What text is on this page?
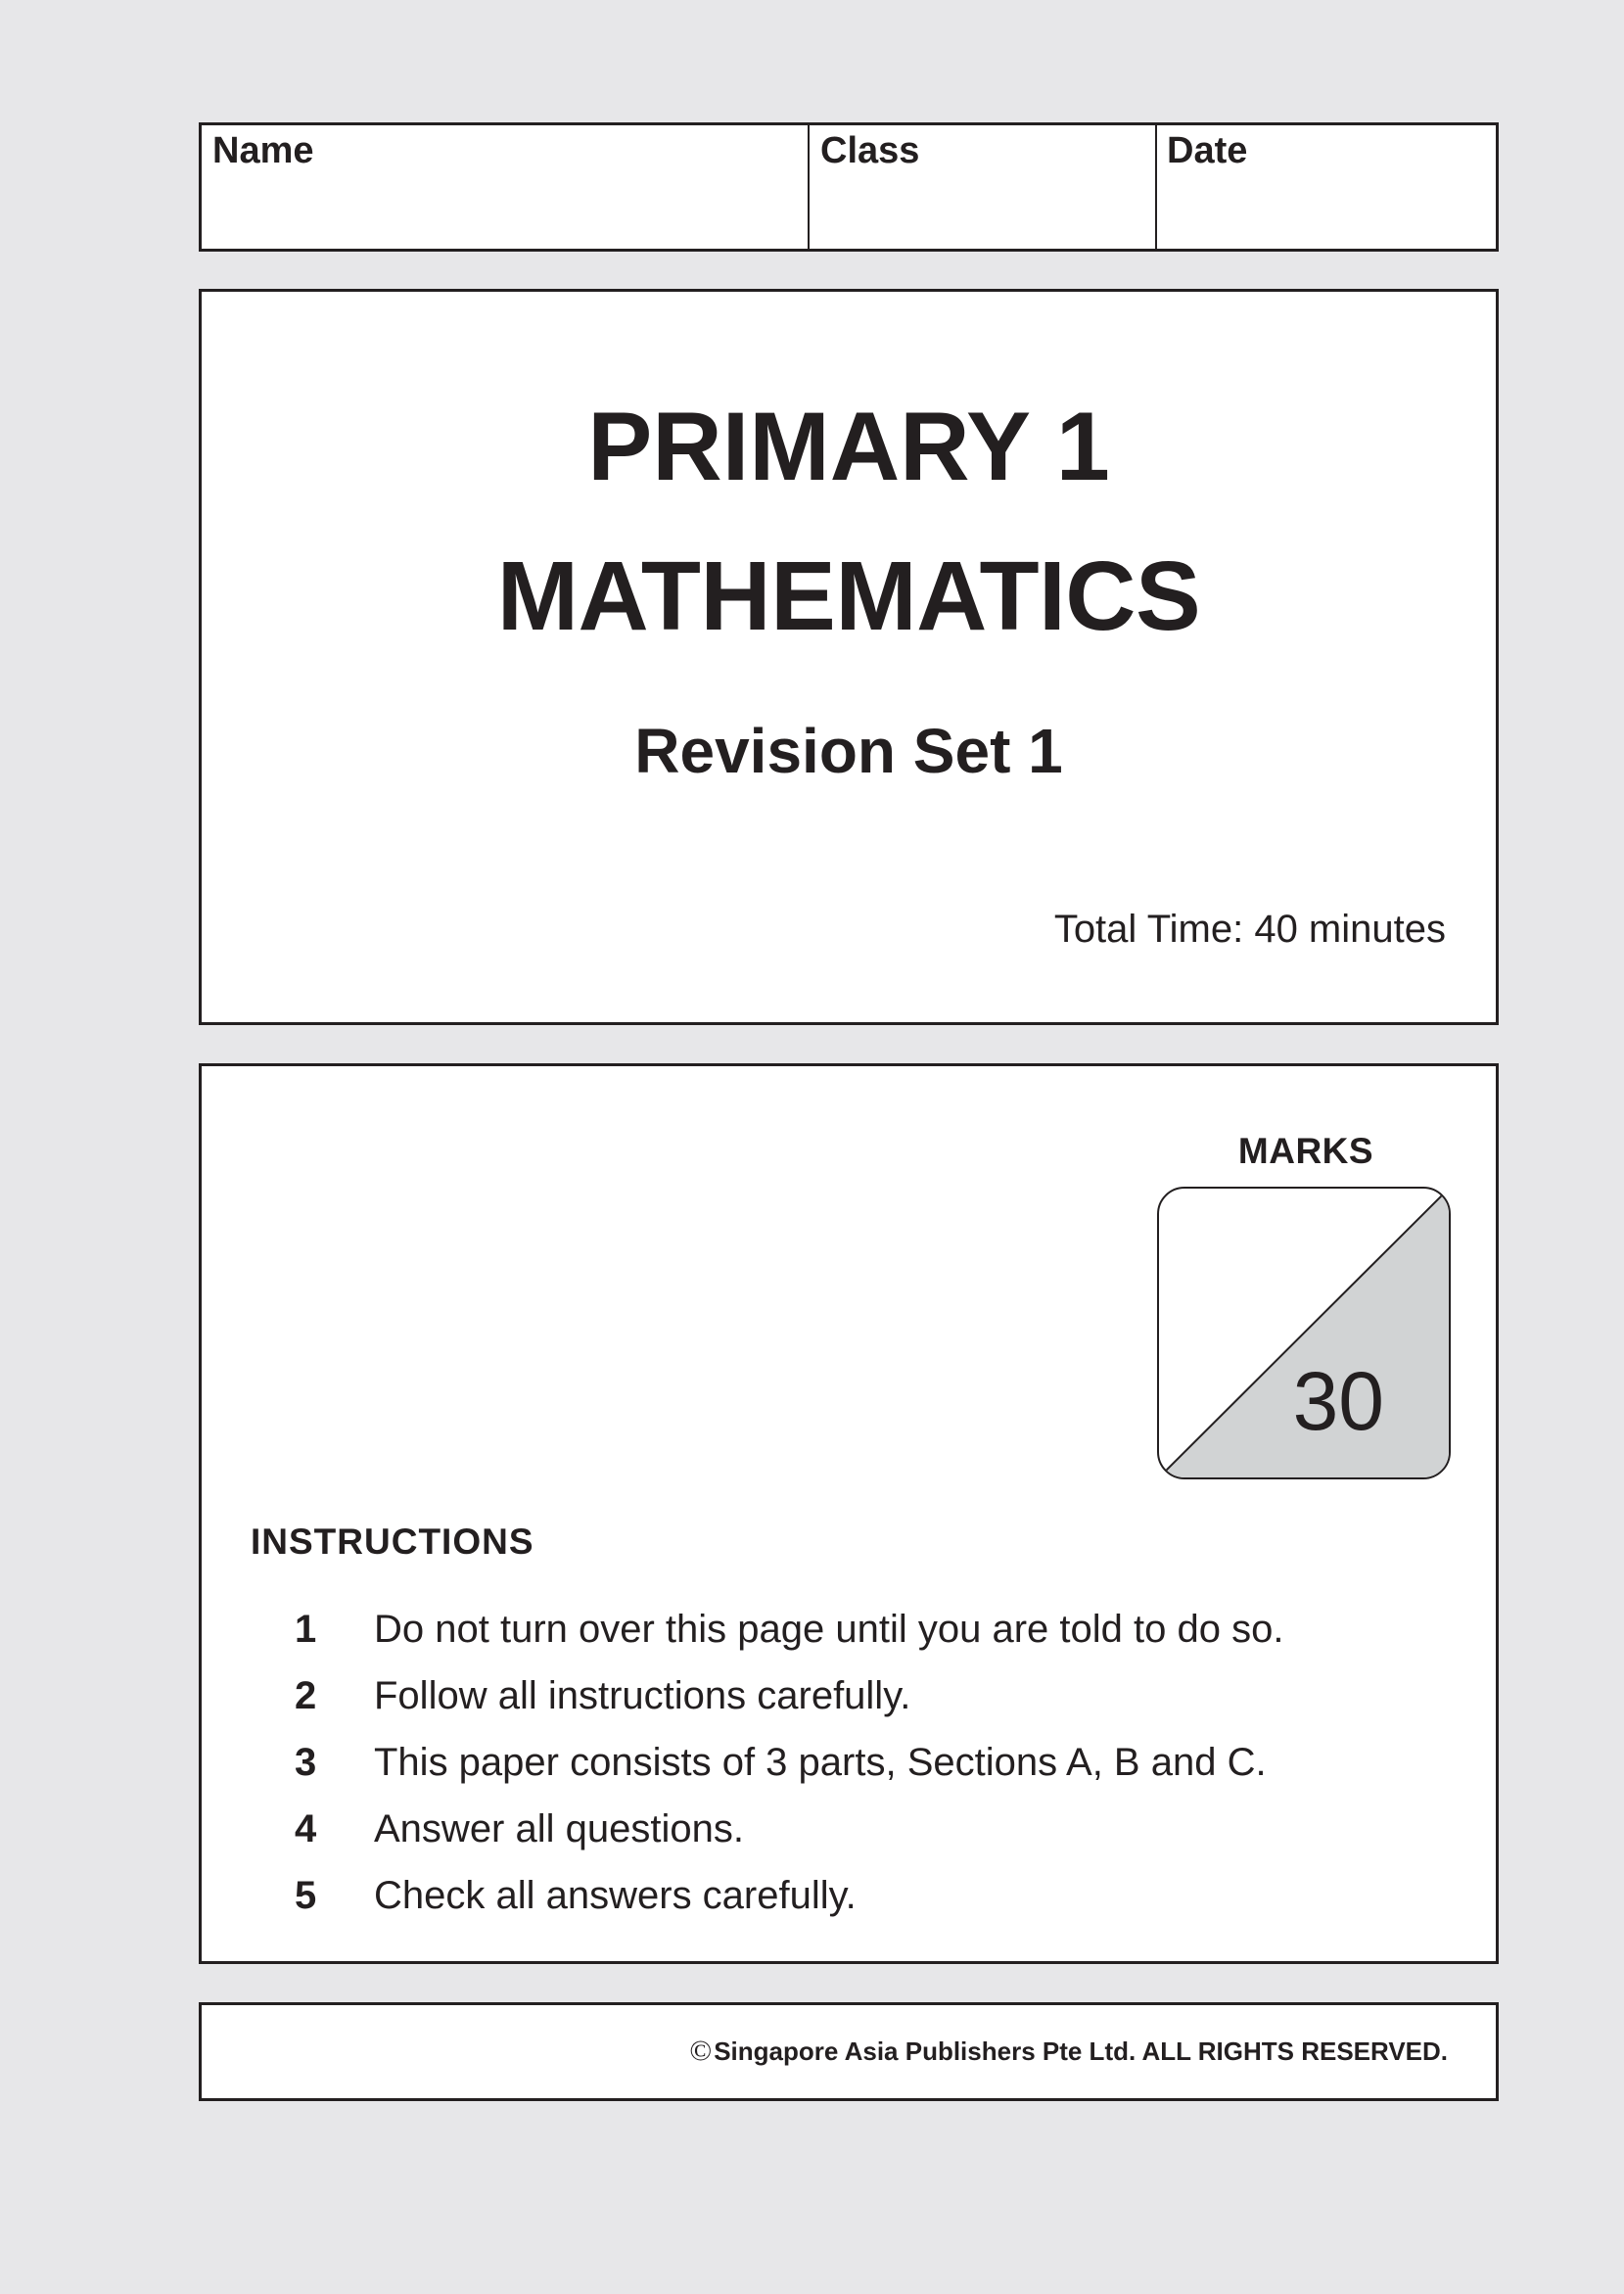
Name	Class	Date
PRIMARY 1
MATHEMATICS
Revision Set 1
Total Time: 40 minutes
MARKS
30
INSTRUCTIONS
1 Do not turn over this page until you are told to do so.
2 Follow all instructions carefully.
3 This paper consists of 3 parts, Sections A, B and C.
4 Answer all questions.
5 Check all answers carefully.
©Singapore Asia Publishers Pte Ltd. ALL RIGHTS RESERVED.
